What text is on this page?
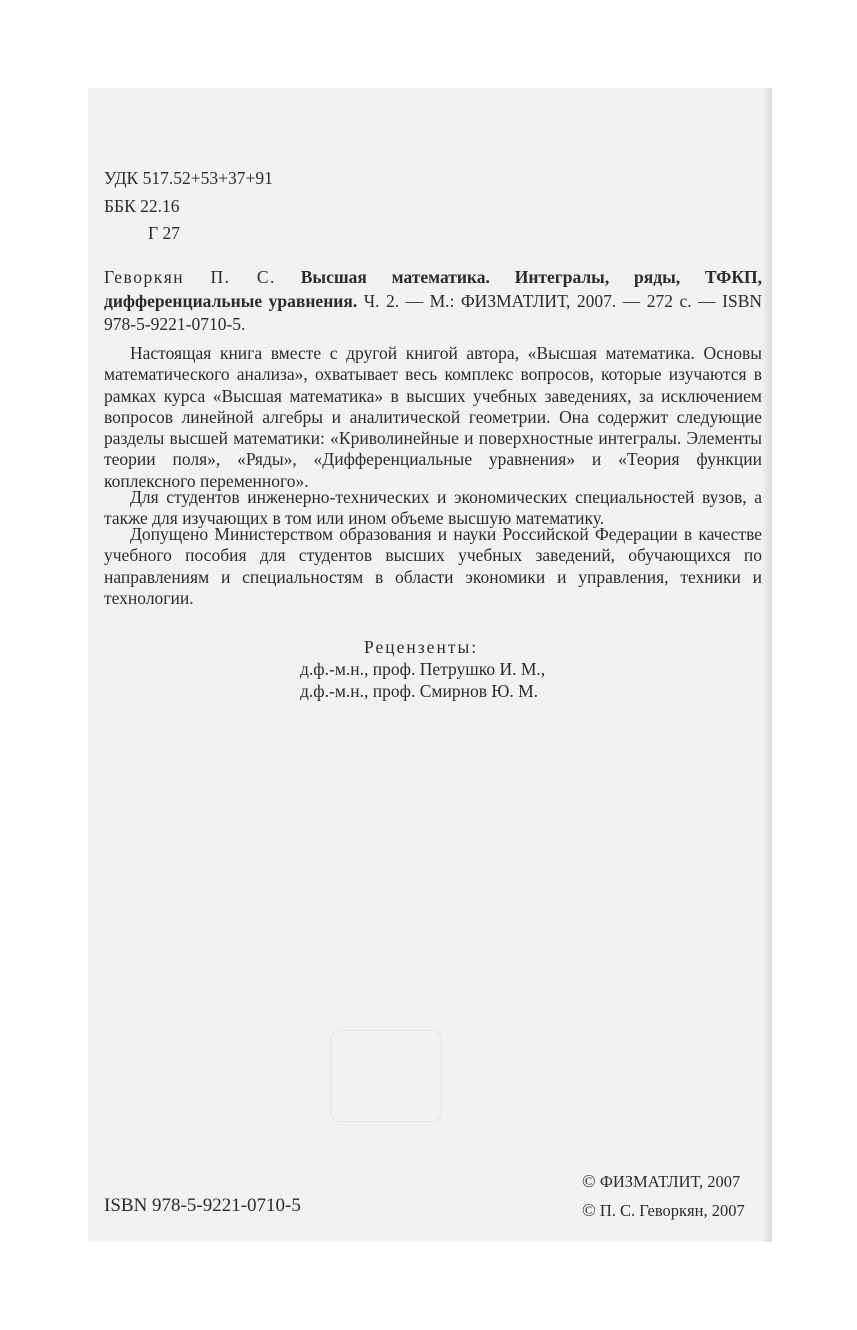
УДК 517.52+53+37+91
ББК 22.16
Г 27
Геворкян П. С. Высшая математика. Интегралы, ряды, ТФКП, дифференциальные уравнения. Ч. 2. — М.: ФИЗМАТЛИТ, 2007. — 272 с. — ISBN 978-5-9221-0710-5.
Настоящая книга вместе с другой книгой автора, «Высшая математика. Основы математического анализа», охватывает весь комплекс вопросов, которые изучаются в рамках курса «Высшая математика» в высших учебных заведениях, за исключением вопросов линейной алгебры и аналитической геометрии. Она содержит следующие разделы высшей математики: «Криволинейные и поверхностные интегралы. Элементы теории поля», «Ряды», «Дифференциальные уравнения» и «Теория функции коплексного переменного».
Для студентов инженерно-технических и экономических специальностей вузов, а также для изучающих в том или ином объеме высшую математику.
Допущено Министерством образования и науки Российской Федерации в качестве учебного пособия для студентов высших учебных заведений, обучающихся по направлениям и специальностям в области экономики и управления, техники и технологии.
Рецензенты:
д.ф.-м.н., проф. Петрушко И. М.,
д.ф.-м.н., проф. Смирнов Ю. М.
ISBN 978-5-9221-0710-5
© ФИЗМАТЛИТ, 2007
© П. С. Геворкян, 2007
